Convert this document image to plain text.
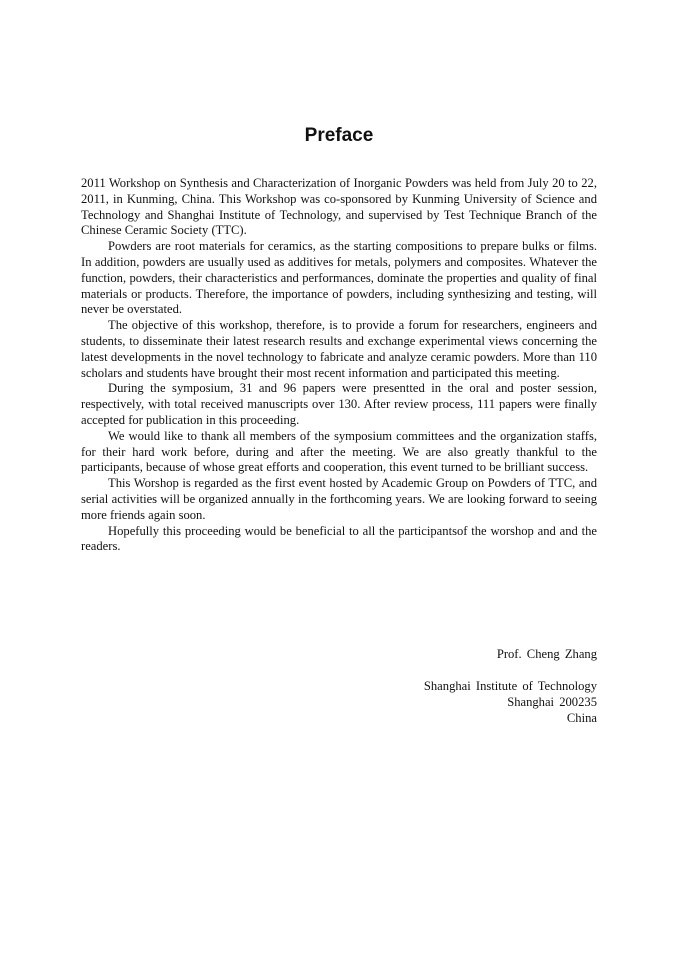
Preface

2011 Workshop on Synthesis and Characterization of Inorganic Powders was held from July 20 to 22, 2011, in Kunming, China. This Workshop was co-sponsored by Kunming University of Science and Technology and Shanghai Institute of Technology, and supervised by Test Technique Branch of the Chinese Ceramic Society (TTC).

Powders are root materials for ceramics, as the starting compositions to prepare bulks or films. In addition, powders are usually used as additives for metals, polymers and composites. Whatever the function, powders, their characteristics and performances, dominate the properties and quality of final materials or products. Therefore, the importance of powders, including synthesizing and testing, will never be overstated.

The objective of this workshop, therefore, is to provide a forum for researchers, engineers and students, to disseminate their latest research results and exchange experimental views concerning the latest developments in the novel technology to fabricate and analyze ceramic powders. More than 110 scholars and students have brought their most recent information and participated this meeting.

During the symposium, 31 and 96 papers were presentted in the oral and poster session, respectively, with total received manuscripts over 130. After review process, 111 papers were finally accepted for publication in this proceeding.

We would like to thank all members of the symposium committees and the organization staffs, for their hard work before, during and after the meeting. We are also greatly thankful to the participants, because of whose great efforts and cooperation, this event turned to be brilliant success.

This Worshop is regarded as the first event hosted by Academic Group on Powders of TTC, and serial activities will be organized annually in the forthcoming years. We are looking forward to seeing more friends again soon.

Hopefully this proceeding would be beneficial to all the participantsof the worshop and and the readers.

Prof. Cheng Zhang
Shanghai Institute of Technology
Shanghai 200235
China
